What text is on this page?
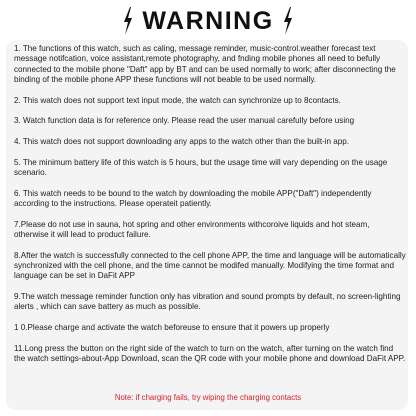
WARNING

1. The functions of this watch, such as caling, message reminder, music-control.weather forecast text message notifcation, voice assistant,remote photography, and fnding mobile phones all need to befully connected to the mobile phone "Daft" app by BT and can be used normally to work; after disconnecting the binding of the mobile phone APP these functions will not beable to be used normally.

2. This watch does not support text input mode, the watch can synchronize up to 8contacts.

3. Watch function data is for reference only. Please read the user manual carefully before using

4. This watch does not support downloading any apps to the watch other than the built-in app.

5. The minimum battery life of this watch is 5 hours, but the usage time will vary depending on the usage scenario.

6. This watch needs to be bound to the watch by downloading the mobile APP("Daft") independently according to the instructions. Please operateit patiently.

7.Please do not use in sauna, hot spring and other environments withcoroive liquids and hot steam, otherwise it will lead to product failure.

8.After the watch is successfully connected to the cell phone APP, the time and language will be automatically synchronized with the cell phone, and the time cannot be modifed manually. Modifying the time format and language can be set in DaFit APP

9.The watch message reminder function only has vibration and sound prompts by default, no screen-lighting alerts , which can save battery as much as possible.

1 0.Please charge and activate the watch beforeuse to ensure that it powers up properly

11.Long press the button on the right side of the watch to turn on the watch, after turning on the watch find the watch settings-about-App Download, scan the QR code with your mobile phone and download DaFit APP.

Note: if charging fails, try wiping the charging contacts
